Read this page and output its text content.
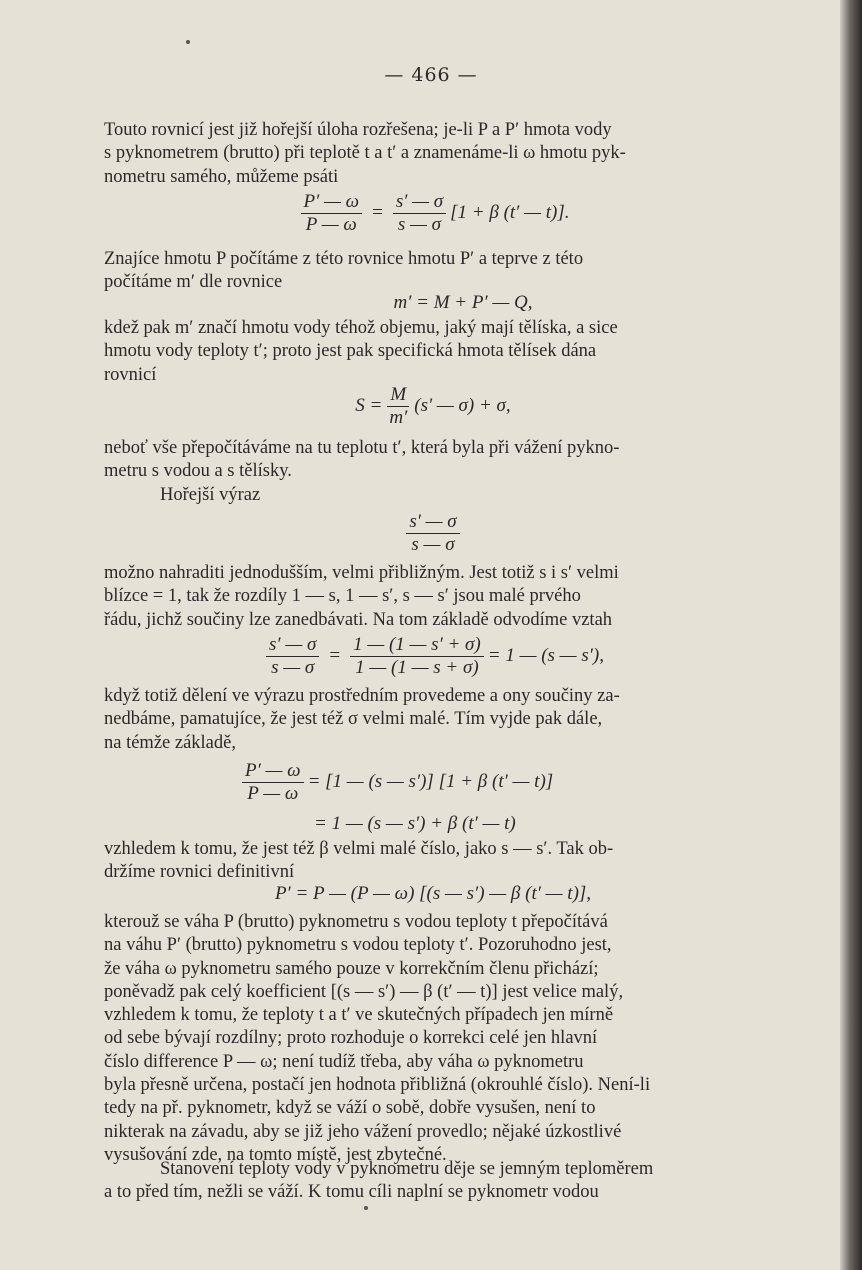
— 466 —
Touto rovnicí jest již hořejší úloha rozřešena; je-li P a P′ hmota vody
s pyknometrem (brutto) při teplotě t a t′ a znamenáme-li ω hmotu pyk-
nometru samého, můžeme psáti
$\frac{P' — \omega}{P — \omega} = \frac{s' — \sigma}{s — \sigma} [1 + \beta$ (t′ — t)].
Znajíce hmotu P počítáme z této rovnice hmotu P′ a teprve z této
počítáme m′ dle rovnice
m′ = M + P′ — Q,
kdež pak m′ značí hmotu vody téhož objemu, jaký mají tělíska, a sice
hmotu vody teploty t′; proto jest pak specifická hmota tělísek dána
rovnicí
$S = \frac{M}{m'} (s'$ — σ) + σ,
neboť vše přepočítáváme na tu teplotu t′, která byla při vážení pykno-
metru s vodou a s tělísky.
Hořejší výraz
$\frac{s' — \sigma}{s — \sigma}$
možno nahraditi jednodušším, velmi přibližným. Jest totiž s i s′ velmi
blízce = 1, tak že rozdíly 1 — s, 1 — s′, s — s′ jsou malé prvého
řádu, jichž součiny lze zanedbávati. Na tom základě odvodíme vztah
$\frac{s' — \sigma}{s — \sigma} = \frac{1 — (1 — s' + \sigma)}{1 — (1 — s + \sigma)} = 1$ — (s — s′),
když totiž dělení ve výrazu prostředním provedeme a ony součiny za-
nedbáme, pamatujíce, že jest též σ velmi malé. Tím vyjde pak dále,
na témže základě,
$\frac{P' — \omega}{P — \omega} = [1$ — (s — s′)] [1 + β (t′ — t)]
= 1 — (s — s′) + β (t′ — t)
vzhledem k tomu, že jest též β velmi malé číslo, jako s — s′. Tak ob-
držíme rovnici definitivní
P′ = P — (P — ω) [(s — s′) — β (t′ — t)],
kterouž se váha P (brutto) pyknometru s vodou teploty t přepočítává
na váhu P′ (brutto) pyknometru s vodou teploty t′. Pozoruhodno jest,
že váha ω pyknometru samého pouze v korrekčním členu přichází;
poněvadž pak celý koefficient [(s — s′) — β (t′ — t)] jest velice malý,
vzhledem k tomu, že teploty t a t′ ve skutečných případech jen mírně
od sebe bývají rozdílny; proto rozhoduje o korrekci celé jen hlavní
číslo difference P — ω; není tudíž třeba, aby váha ω pyknometru
byla přesně určena, postačí jen hodnota přibližná (okrouhlé číslo). Není-li
tedy na př. pyknometr, když se váží o sobě, dobře vysušen, není to
nikterak na závadu, aby se již jeho vážení provedlo; nějaké úzkostlivé
vysušování zde, na tomto místě, jest zbytečné.
Stanovení teploty vody v pyknometru děje se jemným teploměrem
a to před tím, nežli se váží. K tomu cíli naplní se pyknometr vodou
